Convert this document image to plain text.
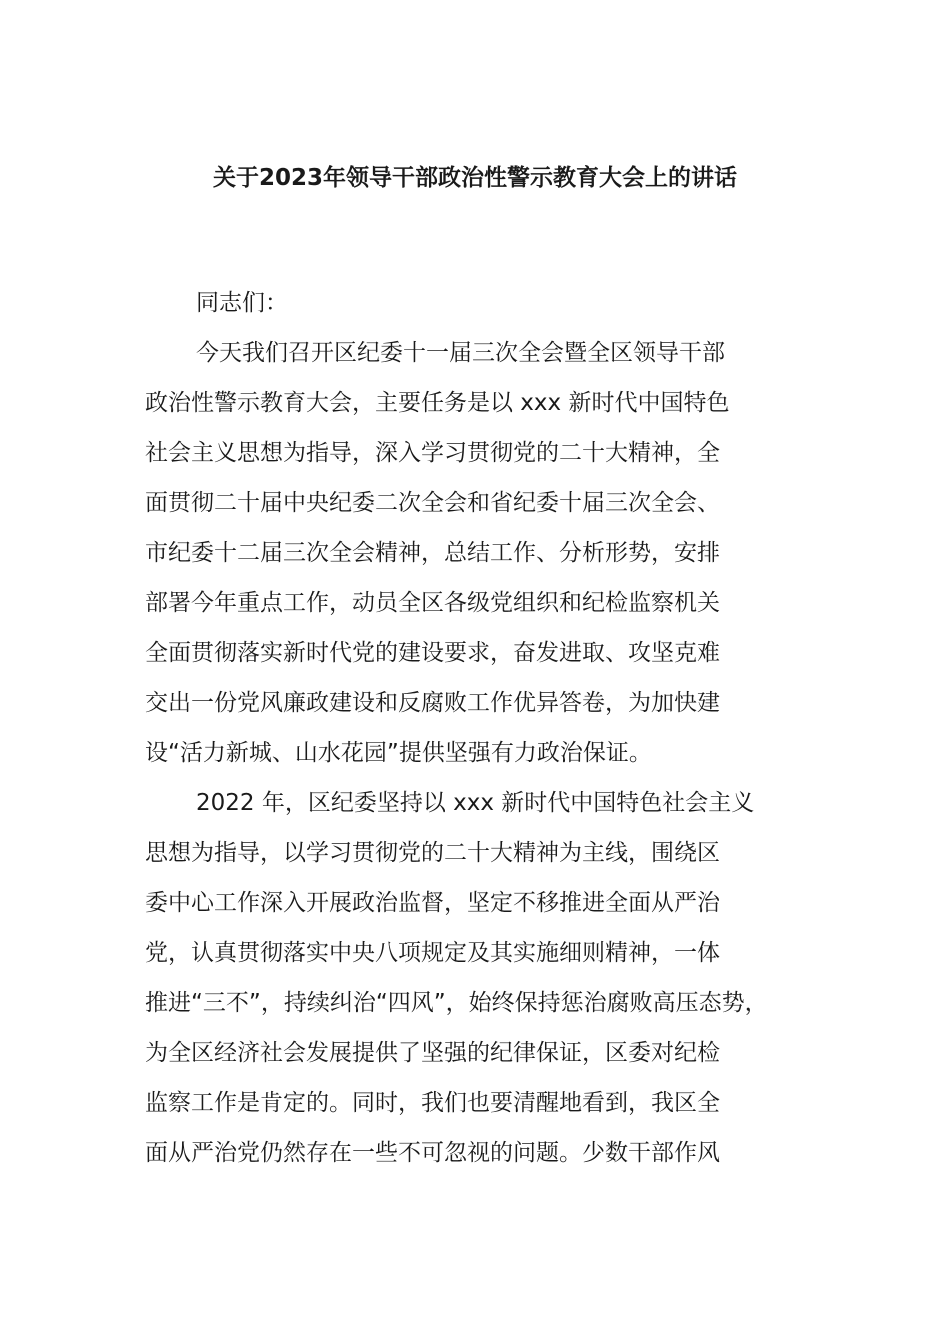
关于2023年领导干部政治性警示教育大会上的讲话
同志们：
今天我们召开区纪委十一届三次全会暨全区领导干部
政治性警示教育大会，主要任务是以 xxx 新时代中国特色
社会主义思想为指导，深入学习贯彻党的二十大精神，全
面贯彻二十届中央纪委二次全会和省纪委十届三次全会、
市纪委十二届三次全会精神，总结工作、分析形势，安排
部署今年重点工作，动员全区各级党组织和纪检监察机关
全面贯彻落实新时代党的建设要求，奋发进取、攻坚克难
交出一份党风廉政建设和反腐败工作优异答卷，为加快建
设“活力新城、山水花园”提供坚强有力政治保证。
2022 年，区纪委坚持以 xxx 新时代中国特色社会主义
思想为指导，以学习贯彻党的二十大精神为主线，围绕区
委中心工作深入开展政治监督，坚定不移推进全面从严治
党，认真贯彻落实中央八项规定及其实施细则精神，一体
推进“三不”，持续纠治“四风”，始终保持惩治腐败高压态势，
为全区经济社会发展提供了坚强的纪律保证，区委对纪检
监察工作是肯定的。同时，我们也要清醒地看到，我区全
面从严治党仍然存在一些不可忽视的问题。少数干部作风
